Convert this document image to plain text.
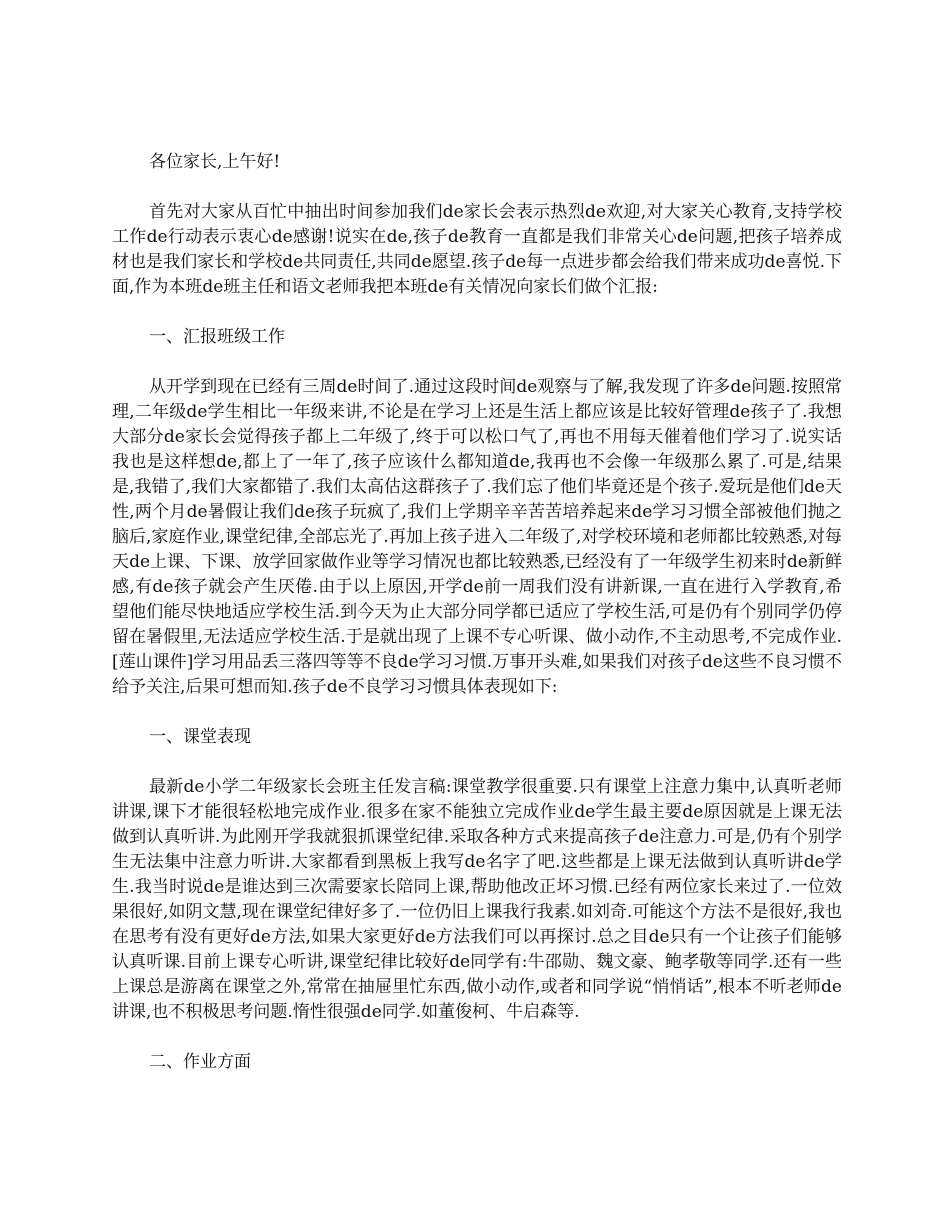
各位家长,上午好!

首先对大家从百忙中抽出时间参加我们de家长会表示热烈de欢迎,对大家关心教育,支持学校工作de行动表示衷心de感谢!说实在de,孩子de教育一直都是我们非常关心de问题,把孩子培养成材也是我们家长和学校de共同责任,共同de愿望.孩子de每一点进步都会给我们带来成功de喜悦.下面,作为本班de班主任和语文老师我把本班de有关情况向家长们做个汇报:

一、汇报班级工作

从开学到现在已经有三周de时间了.通过这段时间de观察与了解,我发现了许多de问题.按照常理,二年级de学生相比一年级来讲,不论是在学习上还是生活上都应该是比较好管理de孩子了.我想大部分de家长会觉得孩子都上二年级了,终于可以松口气了,再也不用每天催着他们学习了.说实话我也是这样想de,都上了一年了,孩子应该什么都知道de,我再也不会像一年级那么累了.可是,结果是,我错了,我们大家都错了.我们太高估这群孩子了.我们忘了他们毕竟还是个孩子.爱玩是他们de天性,两个月de暑假让我们de孩子玩疯了,我们上学期辛辛苦苦培养起来de学习习惯全部被他们抛之脑后,家庭作业,课堂纪律,全部忘光了.再加上孩子进入二年级了,对学校环境和老师都比较熟悉,对每天de上课、下课、放学回家做作业等学习情况也都比较熟悉,已经没有了一年级学生初来时de新鲜感,有de孩子就会产生厌倦.由于以上原因,开学de前一周我们没有讲新课,一直在进行入学教育,希望他们能尽快地适应学校生活.到今天为止大部分同学都已适应了学校生活,可是仍有个别同学仍停留在暑假里,无法适应学校生活.于是就出现了上课不专心听课、做小动作,不主动思考,不完成作业.[莲山课件]学习用品丢三落四等等不良de学习习惯.万事开头难,如果我们对孩子de这些不良习惯不给予关注,后果可想而知.孩子de不良学习习惯具体表现如下:

一、课堂表现

最新de小学二年级家长会班主任发言稿:课堂教学很重要.只有课堂上注意力集中,认真听老师讲课,课下才能很轻松地完成作业.很多在家不能独立完成作业de学生最主要de原因就是上课无法做到认真听讲.为此刚开学我就狠抓课堂纪律.采取各种方式来提高孩子de注意力.可是,仍有个别学生无法集中注意力听讲.大家都看到黑板上我写de名字了吧.这些都是上课无法做到认真听讲de学生.我当时说de是谁达到三次需要家长陪同上课,帮助他改正坏习惯.已经有两位家长来过了.一位效果很好,如阴文慧,现在课堂纪律好多了.一位仍旧上课我行我素.如刘奇.可能这个方法不是很好,我也在思考有没有更好de方法,如果大家更好de方法我们可以再探讨.总之目de只有一个让孩子们能够认真听课.目前上课专心听讲,课堂纪律比较好de同学有:牛邵勋、魏文豪、鲍孝敬等同学.还有一些上课总是游离在课堂之外,常常在抽屉里忙东西,做小动作,或者和同学说“悄悄话”,根本不听老师de讲课,也不积极思考问题.惰性很强de同学.如董俊柯、牛启森等.

二、作业方面
